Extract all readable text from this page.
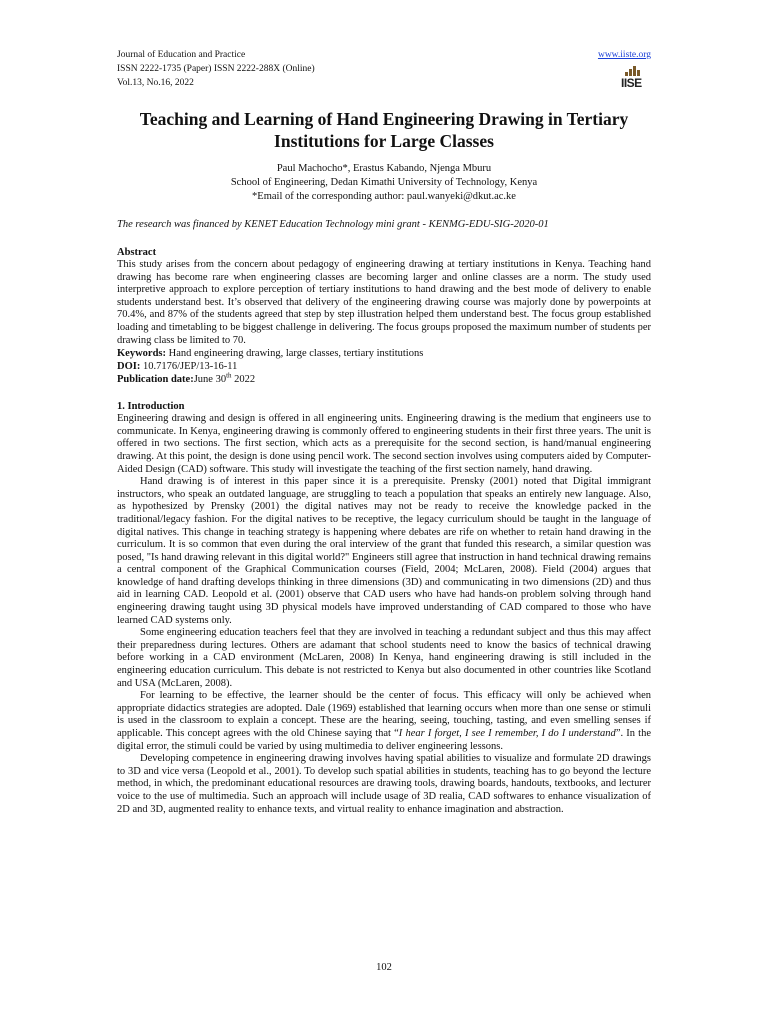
Journal of Education and Practice
ISSN 2222-1735 (Paper) ISSN 2222-288X (Online)
Vol.13, No.16, 2022
www.iiste.org
IISE
Teaching and Learning of Hand Engineering Drawing in Tertiary Institutions for Large Classes
Paul Machocho*, Erastus Kabando, Njenga Mburu
School of Engineering, Dedan Kimathi University of Technology, Kenya
*Email of the corresponding author: paul.wanyeki@dkut.ac.ke
The research was financed by KENET Education Technology mini grant - KENMG-EDU-SIG-2020-01
Abstract

This study arises from the concern about pedagogy of engineering drawing at tertiary institutions in Kenya. Teaching hand drawing has become rare when engineering classes are becoming larger and online classes are a norm. The study used interpretive approach to explore perception of tertiary institutions to hand drawing and the best mode of delivery to enable students understand best. It’s observed that delivery of the engineering drawing course was majorly done by powerpoints at 70.4%, and 87% of the students agreed that step by step illustration helped them understand best. The focus group established loading and timetabling to be biggest challenge in delivering. The focus groups proposed the maximum number of students per drawing class be limited to 70.

Keywords: Hand engineering drawing, large classes, tertiary institutions
DOI: 10.7176/JEP/13-16-11
Publication date:June 30th 2022
1. Introduction

Engineering drawing and design is offered in all engineering units. Engineering drawing is the medium that engineers use to communicate. In Kenya, engineering drawing is commonly offered to engineering students in their first three years. The unit is offered in two sections. The first section, which acts as a prerequisite for the second section, is hand/manual engineering drawing. At this point, the design is done using pencil work. The second section involves using computers aided by Computer-Aided Design (CAD) software. This study will investigate the teaching of the first section namely, hand drawing.

Hand drawing is of interest in this paper since it is a prerequisite. Prensky (2001) noted that Digital immigrant instructors, who speak an outdated language, are struggling to teach a population that speaks an entirely new language. Also, as hypothesized by Prensky (2001) the digital natives may not be ready to receive the knowledge packed in the traditional/legacy fashion. For the digital natives to be receptive, the legacy curriculum should be taught in the language of digital natives. This change in teaching strategy is happening where debates are rife on whether to retain hand drawing in the curriculum. It is so common that even during the oral interview of the grant that funded this research, a similar question was posed, "Is hand drawing relevant in this digital world?" Engineers still agree that instruction in hand technical drawing remains a central component of the Graphical Communication courses (Field, 2004; McLaren, 2008). Field (2004) argues that knowledge of hand drafting develops thinking in three dimensions (3D) and communicating in two dimensions (2D) and thus aid in learning CAD. Leopold et al. (2001) observe that CAD users who have had hands-on problem solving through hand engineering drawing taught using 3D physical models have improved understanding of CAD compared to those who have learned CAD systems only.

Some engineering education teachers feel that they are involved in teaching a redundant subject and thus this may affect their preparedness during lectures. Others are adamant that school students need to know the basics of technical drawing before working in a CAD environment (McLaren, 2008) In Kenya, hand engineering drawing is still included in the engineering education curriculum. This debate is not restricted to Kenya but also documented in other countries like Scotland and USA (McLaren, 2008).

For learning to be effective, the learner should be the center of focus. This efficacy will only be achieved when appropriate didactics strategies are adopted. Dale (1969) established that learning occurs when more than one sense or stimuli is used in the classroom to explain a concept. These are the hearing, seeing, touching, tasting, and even smelling senses if applicable. This concept agrees with the old Chinese saying that “I hear I forget, I see I remember, I do I understand”. In the digital error, the stimuli could be varied by using multimedia to deliver engineering lessons.

Developing competence in engineering drawing involves having spatial abilities to visualize and formulate 2D drawings to 3D and vice versa (Leopold et al., 2001). To develop such spatial abilities in students, teaching has to go beyond the lecture method, in which, the predominant educational resources are drawing tools, drawing boards, handouts, textbooks, and lecturer voice to the use of multimedia. Such an approach will include usage of 3D realia, CAD softwares to enhance visualization of 2D and 3D, augmented reality to enhance texts, and virtual reality to enhance imagination and abstraction.

102
